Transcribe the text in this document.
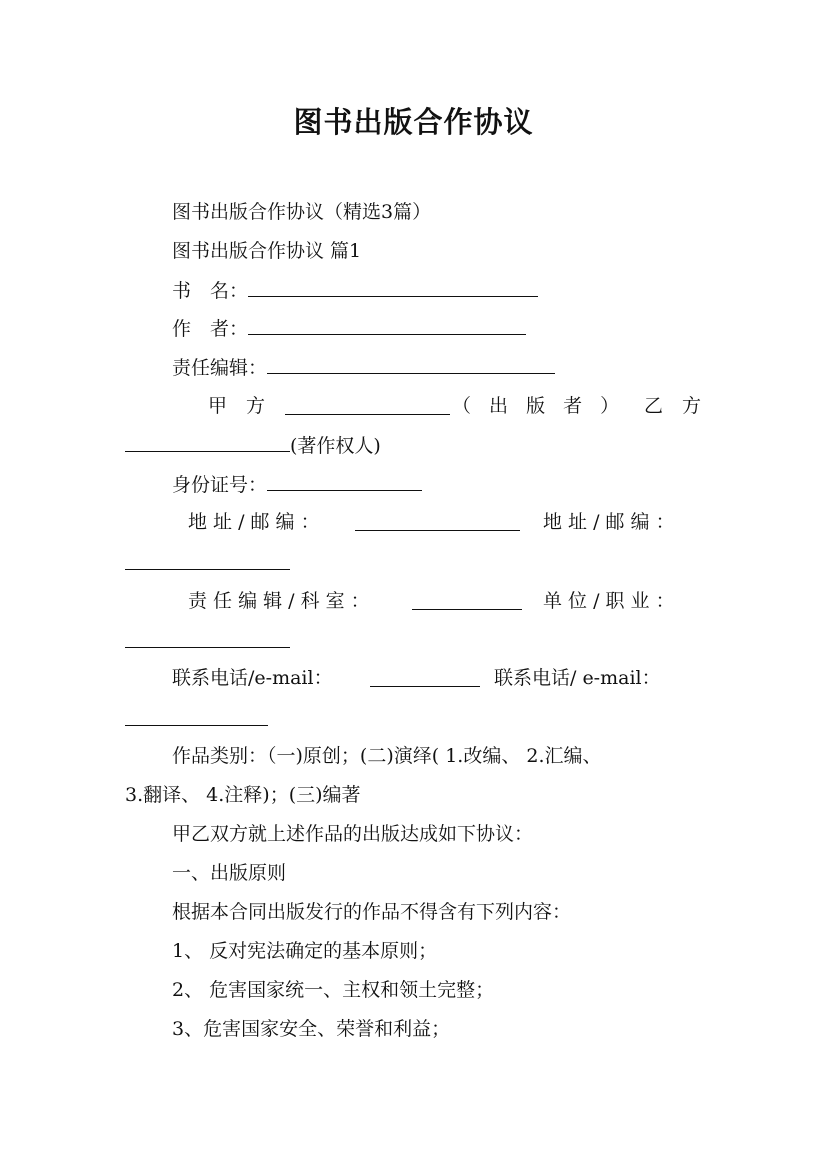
图书出版合作协议
图书出版合作协议（精选3篇）
图书出版合作协议 篇1
书　名：
作　者：
责任编辑：
甲　方	（ 出 版 者 ） 乙　方
(著作权人)
身份证号：
地 址 / 邮 编 ：	地 址 / 邮 编 ：
责 任 编 辑 / 科 室 ：	单 位 / 职 业 ：
联系电话/e-mail：	联系电话/ e-mail：
作品类别：（一)原创；(二)演绎( 1.改编、 2.汇编、
3.翻译、 4.注释)；(三)编著
甲乙双方就上述作品的出版达成如下协议：
一、出版原则
根据本合同出版发行的作品不得含有下列内容：
1、 反对宪法确定的基本原则；
2、 危害国家统一、主权和领土完整；
3、危害国家安全、荣誉和利益；
